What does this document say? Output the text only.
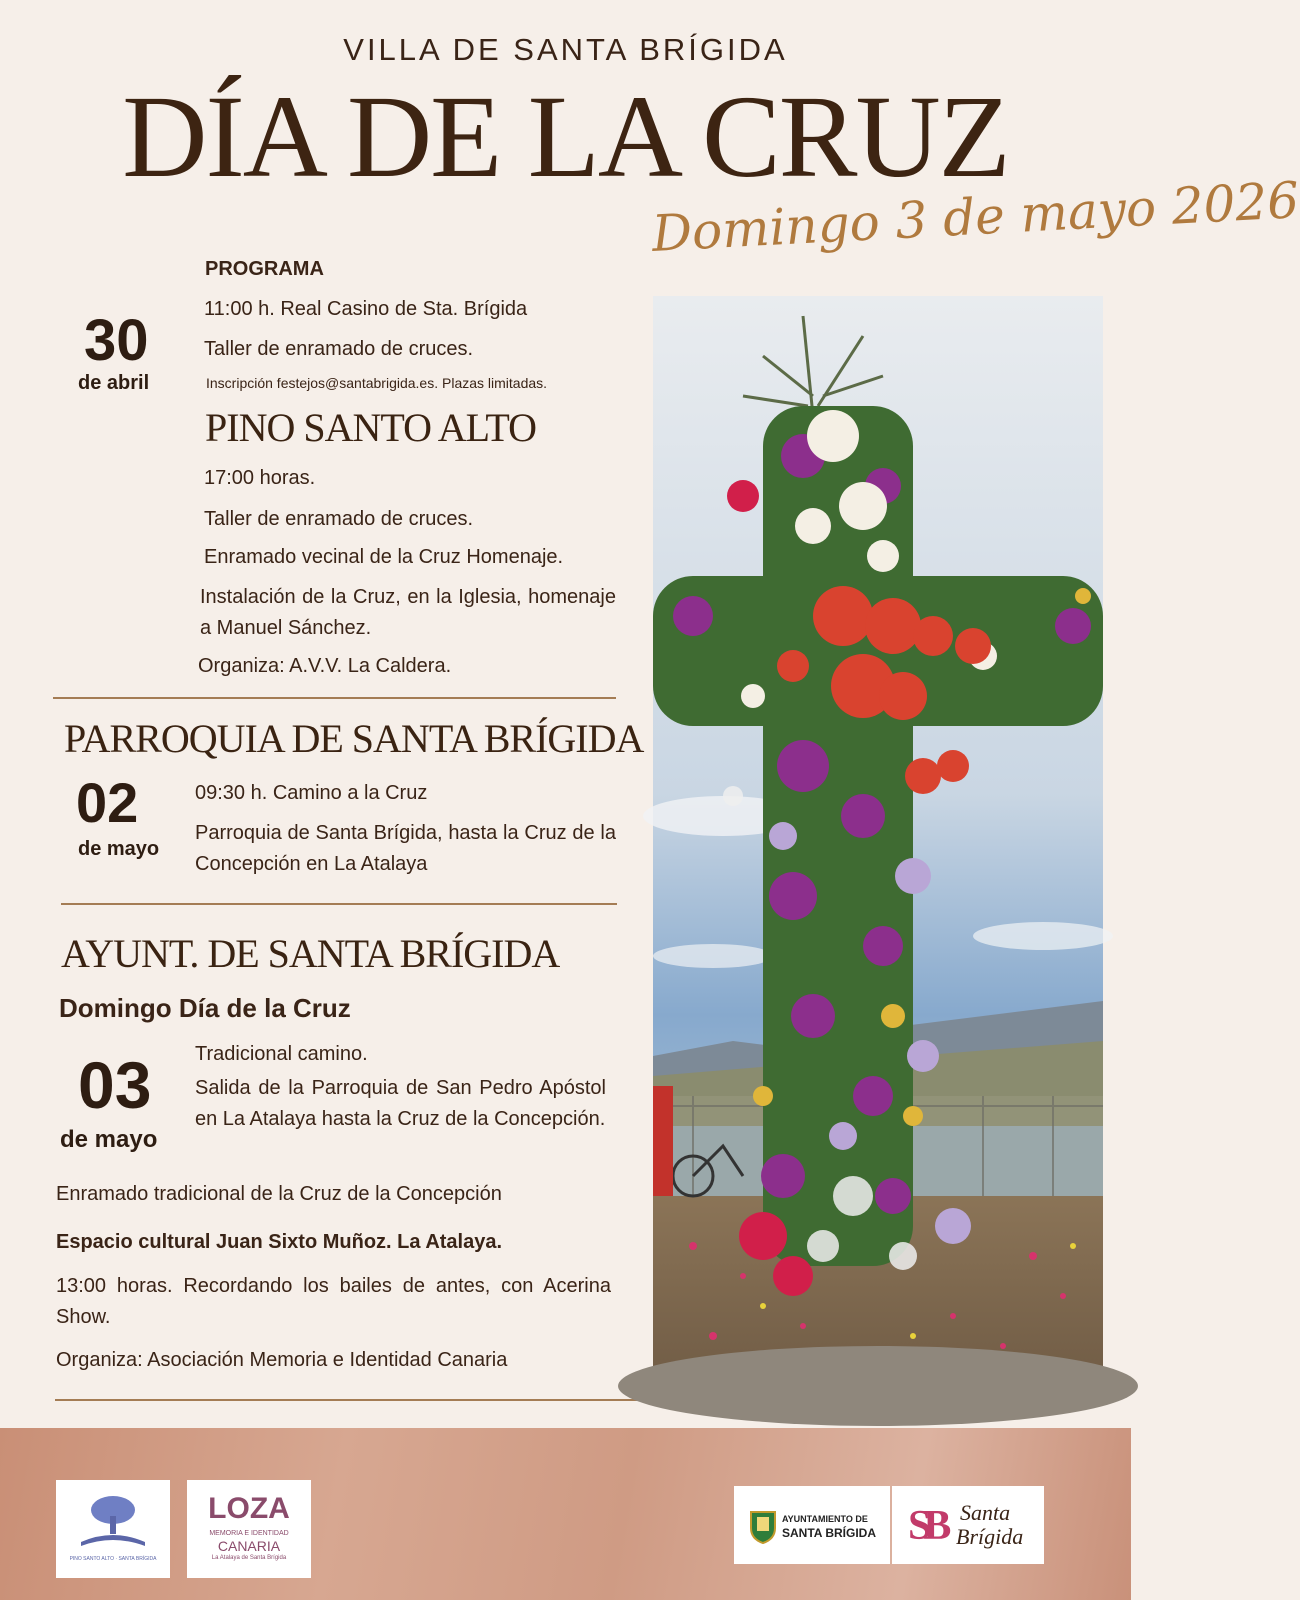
VILLA DE SANTA BRÍGIDA
DÍA DE LA CRUZ
Domingo 3 de mayo 2026
PROGRAMA
30
de abril
11:00 h. Real Casino de Sta. Brígida
Taller de enramado de cruces.
Inscripción festejos@santabrigida.es. Plazas limitadas.
PINO SANTO ALTO
17:00 horas.
Taller de enramado de cruces.
Enramado vecinal de la Cruz Homenaje.
Instalación de la Cruz, en la Iglesia, homenaje a Manuel Sánchez.
Organiza: A.V.V. La Caldera.
PARROQUIA DE SANTA BRÍGIDA
02
de mayo
09:30 h. Camino a la Cruz
Parroquia de Santa Brígida, hasta la Cruz de la Concepción en La Atalaya
AYUNT. DE SANTA BRÍGIDA
Domingo Día de la Cruz
03
de mayo
Tradicional camino.
Salida de la Parroquia de San Pedro Apóstol en La Atalaya hasta la Cruz de la Concepción.
Enramado tradicional de la Cruz de la Concepción
Espacio cultural Juan Sixto Muñoz. La Atalaya.
13:00 horas. Recordando los bailes de antes, con Acerina Show.
Organiza: Asociación Memoria e Identidad Canaria
PINO SANTO ALTO · SANTA BRÍGIDA
LOZA
MEMORIA E IDENTIDAD
CANARIA
La Atalaya de Santa Brígida
AYUNTAMIENTO DE
SANTA BRÍGIDA SB Santa
Brígida
